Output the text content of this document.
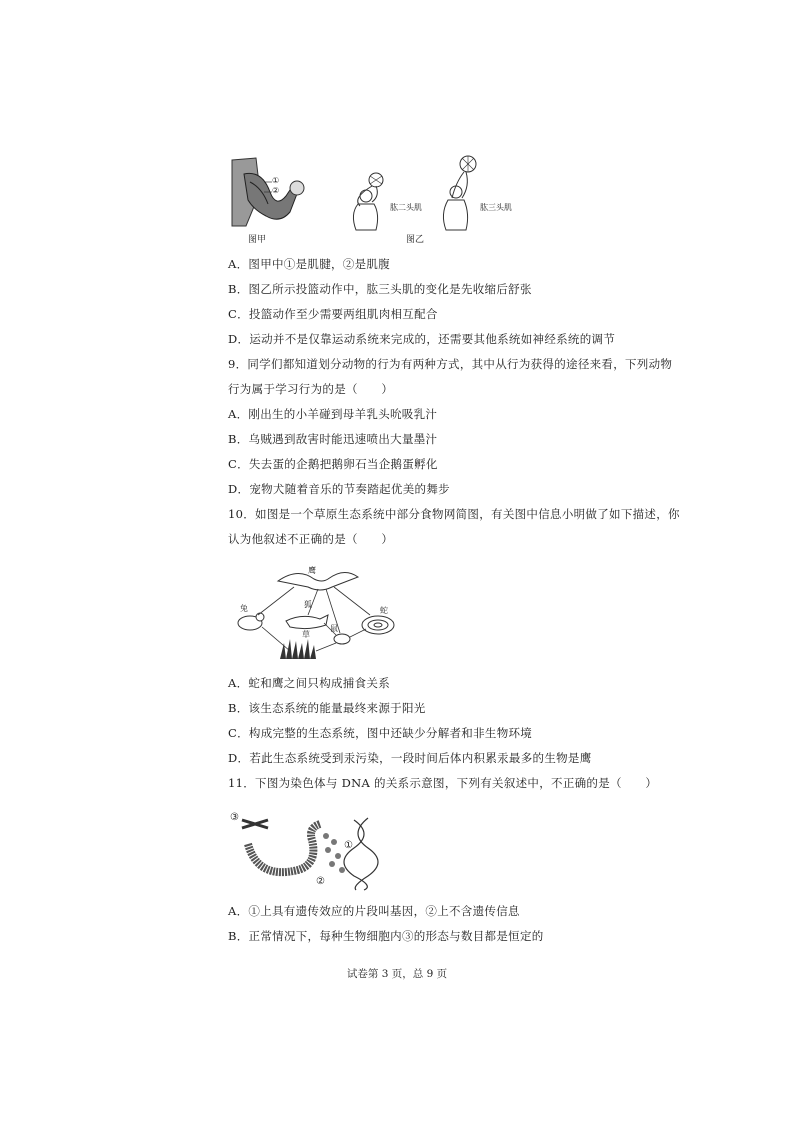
①
②
肱二头肌	肱三头肌
图甲	图乙
A．图甲中①是肌腱，②是肌腹
B．图乙所示投篮动作中，肱三头肌的变化是先收缩后舒张
C．投篮动作至少需要两组肌肉相互配合
D．运动并不是仅靠运动系统来完成的，还需要其他系统如神经系统的调节
9．同学们都知道划分动物的行为有两种方式，其中从行为获得的途径来看，下列动物
行为属于学习行为的是（　　）
A．刚出生的小羊碰到母羊乳头吮吸乳汁
B．乌贼遇到敌害时能迅速喷出大量墨汁
C．失去蛋的企鹅把鹅卵石当企鹅蛋孵化
D．宠物犬随着音乐的节奏踏起优美的舞步
10．如图是一个草原生态系统中部分食物网简图，有关图中信息小明做了如下描述，你
认为他叙述不正确的是（　　）
鹰
兔	狐
蛇
鼠
草
A．蛇和鹰之间只构成捕食关系
B．该生态系统的能量最终来源于阳光
C．构成完整的生态系统，图中还缺少分解者和非生物环境
D．若此生态系统受到汞污染，一段时间后体内积累汞最多的生物是鹰
11．下图为染色体与 DNA 的关系示意图，下列有关叙述中，不正确的是（　　）
③
①
②
A．①上具有遗传效应的片段叫基因，②上不含遗传信息
B．正常情况下，每种生物细胞内③的形态与数目都是恒定的
试卷第 3 页，总 9 页
